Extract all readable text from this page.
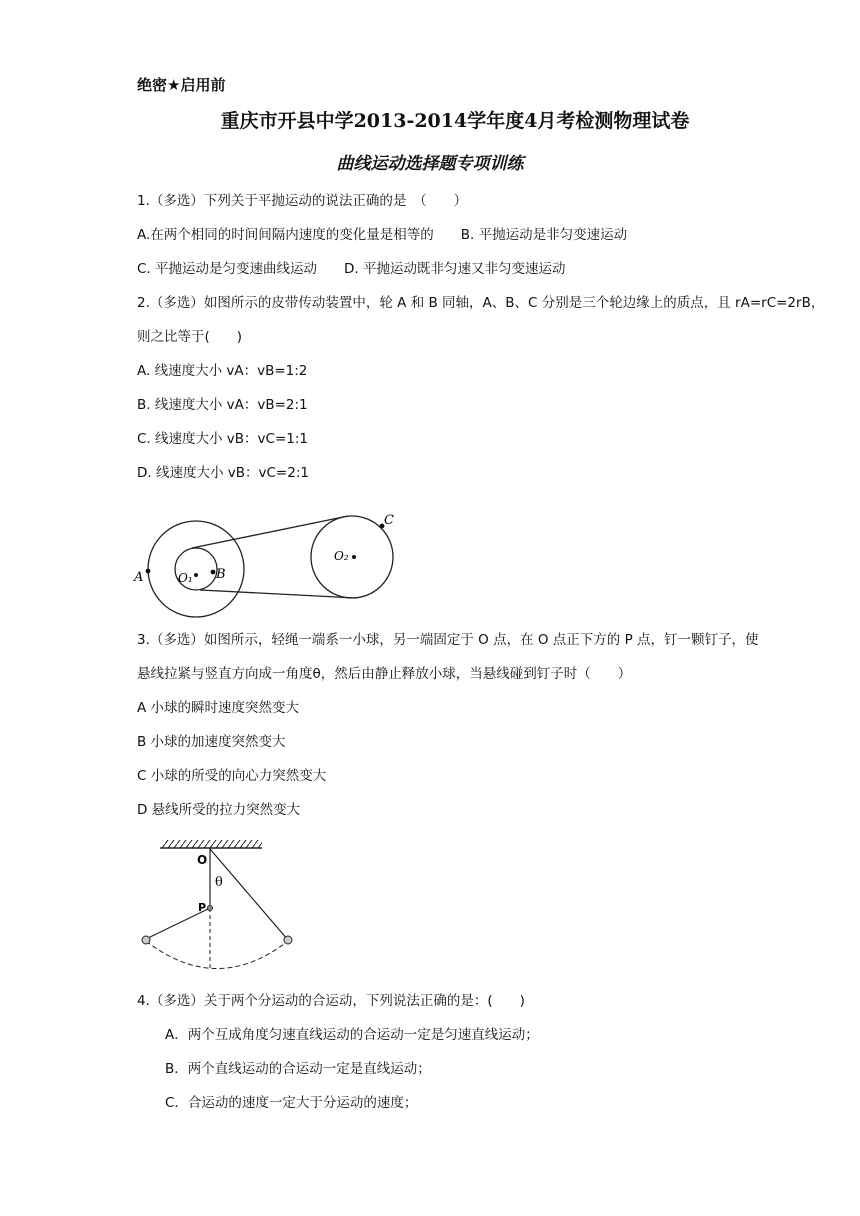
绝密★启用前
重庆市开县中学2013-2014学年度4月考检测物理试卷
曲线运动选择题专项训练
1.（多选）下列关于平抛运动的说法正确的是　（　　）
A.在两个相同的时间间隔内速度的变化量是相等的　　B. 平抛运动是非匀变速运动
C. 平抛运动是匀变速曲线运动　　D. 平抛运动既非匀速又非匀变速运动
2.（多选）如图所示的皮带传动装置中，轮 A 和 B 同轴，A、B、C 分别是三个轮边缘上的质点，且 rA=rC=2rB，
则之比等于(　　)
A. 线速度大小 vA：vB=1:2
B. 线速度大小 vA：vB=2:1
C. 线速度大小 vB：vC=1:1
D. 线速度大小 vB：vC=2:1
A	O₁ B
O₂
C
3.（多选）如图所示，轻绳一端系一小球，另一端固定于 O 点，在 O 点正下方的 P 点，钉一颗钉子，使
悬线拉紧与竖直方向成一角度θ，然后由静止释放小球，当悬线碰到钉子时（　　）
A 小球的瞬时速度突然变大
B 小球的加速度突然变大
C 小球的所受的向心力突然变大
D 悬线所受的拉力突然变大
O
θ
P
4.（多选）关于两个分运动的合运动，下列说法正确的是：(　　)
A．两个互成角度匀速直线运动的合运动一定是匀速直线运动；
B．两个直线运动的合运动一定是直线运动；
C．合运动的速度一定大于分运动的速度；
